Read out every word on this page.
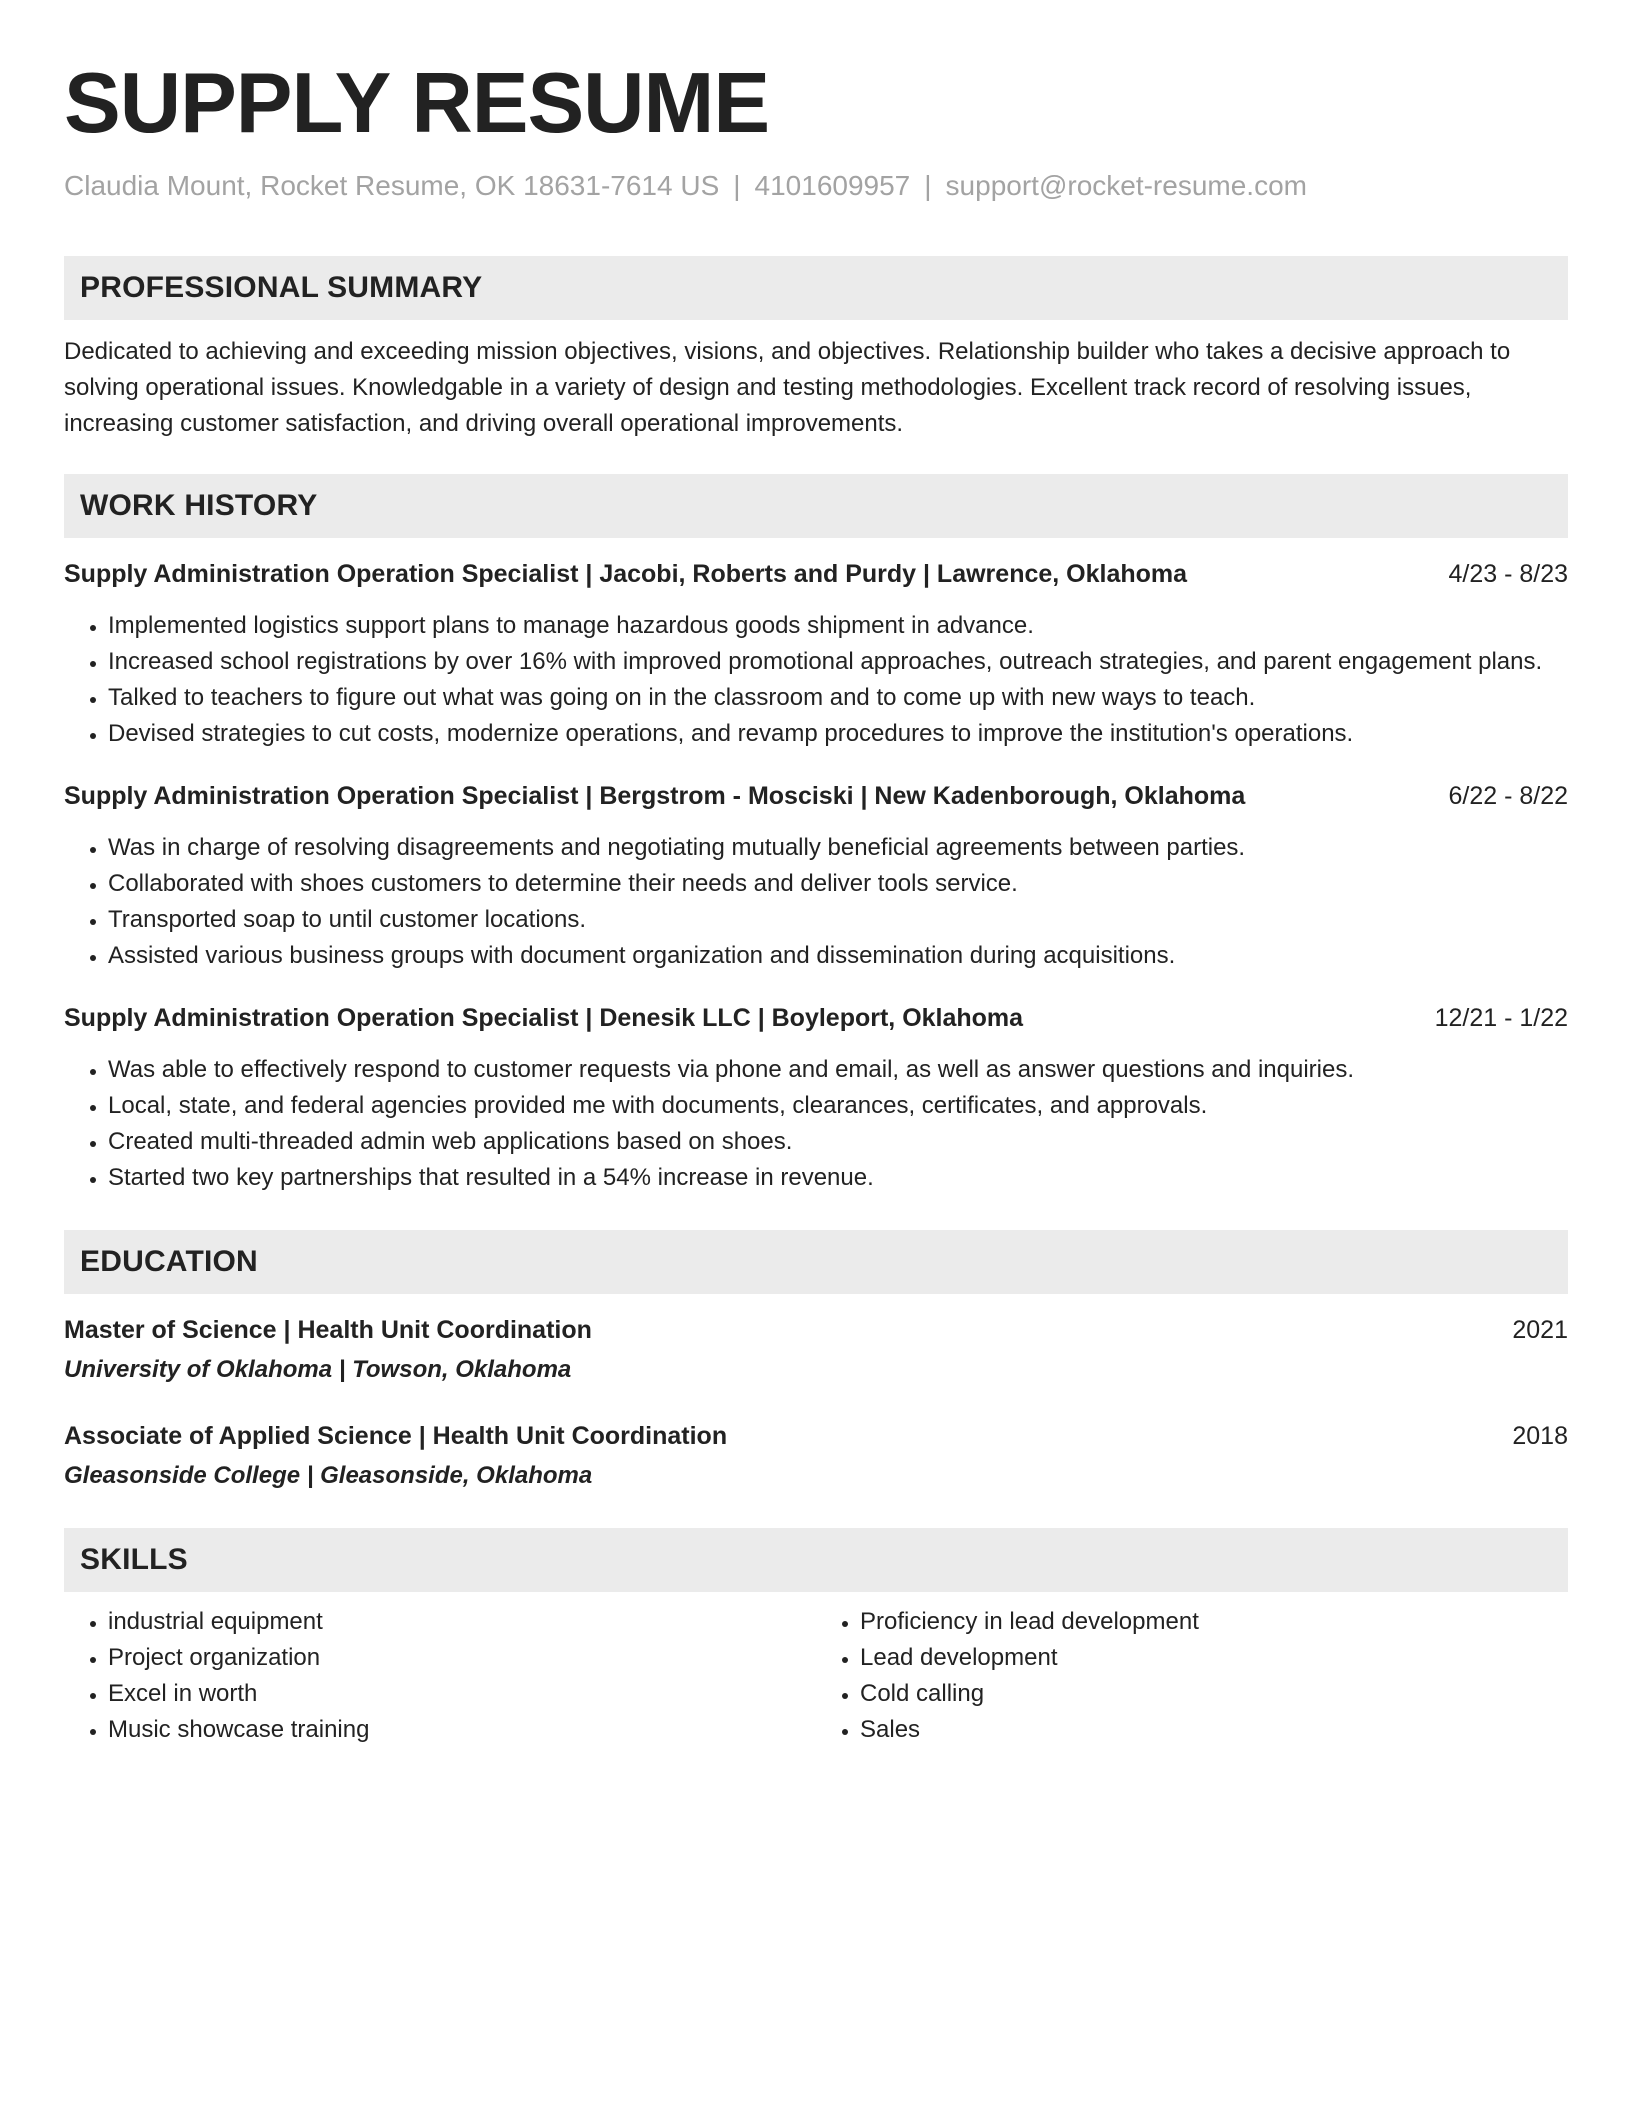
SUPPLY RESUME
Claudia Mount, Rocket Resume, OK 18631-7614 US | 4101609957 | support@rocket-resume.com
PROFESSIONAL SUMMARY
Dedicated to achieving and exceeding mission objectives, visions, and objectives. Relationship builder who takes a decisive approach to solving operational issues. Knowledgable in a variety of design and testing methodologies. Excellent track record of resolving issues, increasing customer satisfaction, and driving overall operational improvements.
WORK HISTORY
Supply Administration Operation Specialist | Jacobi, Roberts and Purdy | Lawrence, Oklahoma	4/23 - 8/23
• Implemented logistics support plans to manage hazardous goods shipment in advance.
• Increased school registrations by over 16% with improved promotional approaches, outreach strategies, and parent engagement plans.
• Talked to teachers to figure out what was going on in the classroom and to come up with new ways to teach.
• Devised strategies to cut costs, modernize operations, and revamp procedures to improve the institution's operations.
Supply Administration Operation Specialist | Bergstrom - Mosciski | New Kadenborough, Oklahoma	6/22 - 8/22
• Was in charge of resolving disagreements and negotiating mutually beneficial agreements between parties.
• Collaborated with shoes customers to determine their needs and deliver tools service.
• Transported soap to until customer locations.
• Assisted various business groups with document organization and dissemination during acquisitions.
Supply Administration Operation Specialist | Denesik LLC | Boyleport, Oklahoma	12/21 - 1/22
• Was able to effectively respond to customer requests via phone and email, as well as answer questions and inquiries.
• Local, state, and federal agencies provided me with documents, clearances, certificates, and approvals.
• Created multi-threaded admin web applications based on shoes.
• Started two key partnerships that resulted in a 54% increase in revenue.
EDUCATION
Master of Science | Health Unit Coordination	2021
University of Oklahoma | Towson, Oklahoma
Associate of Applied Science | Health Unit Coordination	2018
Gleasonside College | Gleasonside, Oklahoma
SKILLS
• industrial equipment
• Project organization
• Excel in worth
• Music showcase training
• Proficiency in lead development
• Lead development
• Cold calling
• Sales
